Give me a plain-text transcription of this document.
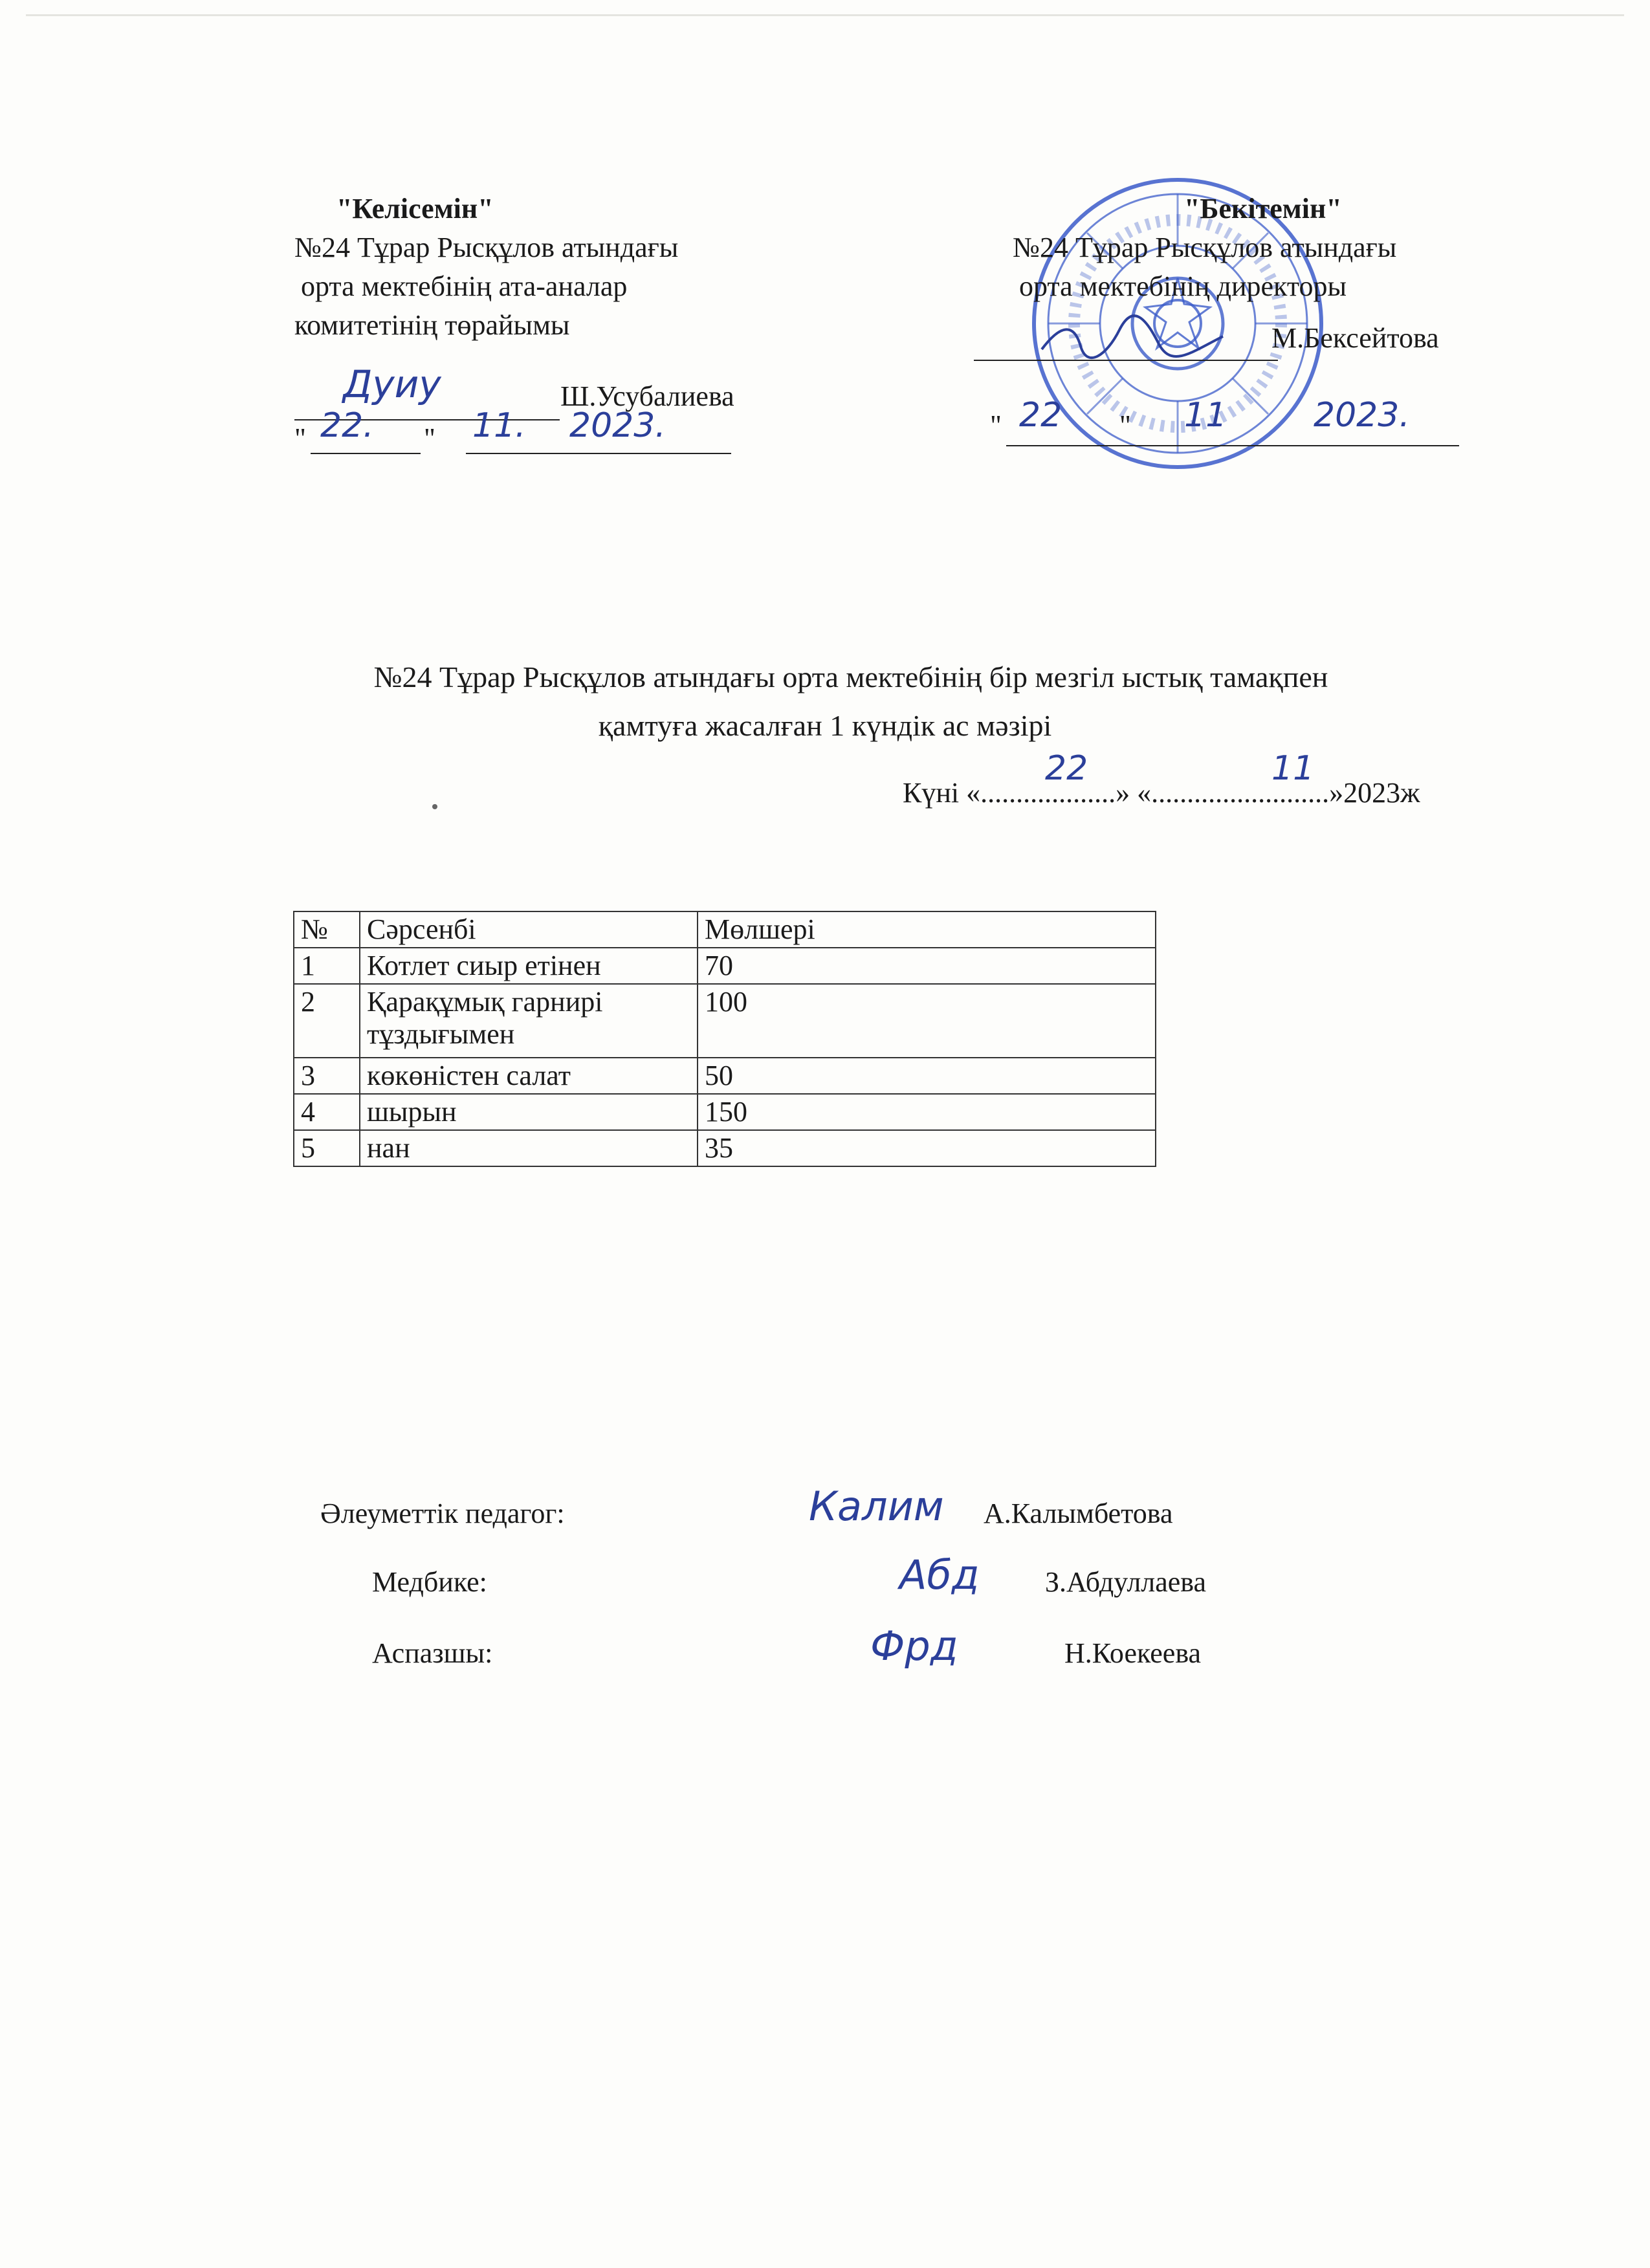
"Келісемін"
№24 Тұрар Рысқұлов атындағы
орта мектебінің ата-аналар
комитетінің төрайымы
Дуиу	Ш.Усубалиева
" 22. " 11. 2023.
"Бекітемін"
№24 Тұрар Рысқұлов атындағы
орта мектебінің директоры
М.Бексейтова
" 22 " 11	2023.
№24 Тұрар Рысқұлов атындағы орта мектебінің бір мезгіл ыстық тамақпен
қамтуға жасалған 1 күндік ас мәзірі
Күні «...................» «.........................»2023ж
22	11
№	Сәрсенбі	Мөлшері
1	Котлет сиыр етінен	70
2	Қарақұмық гарнирі тұздығымен	100
3	көкөністен салат	50
4	шырын	150
5	нан	35
Әлеуметтік педагог:	Калим А.Калымбетова
Медбике:	Абд З.Абдуллаева
Аспазшы:	Фрд	Н.Коекеева
